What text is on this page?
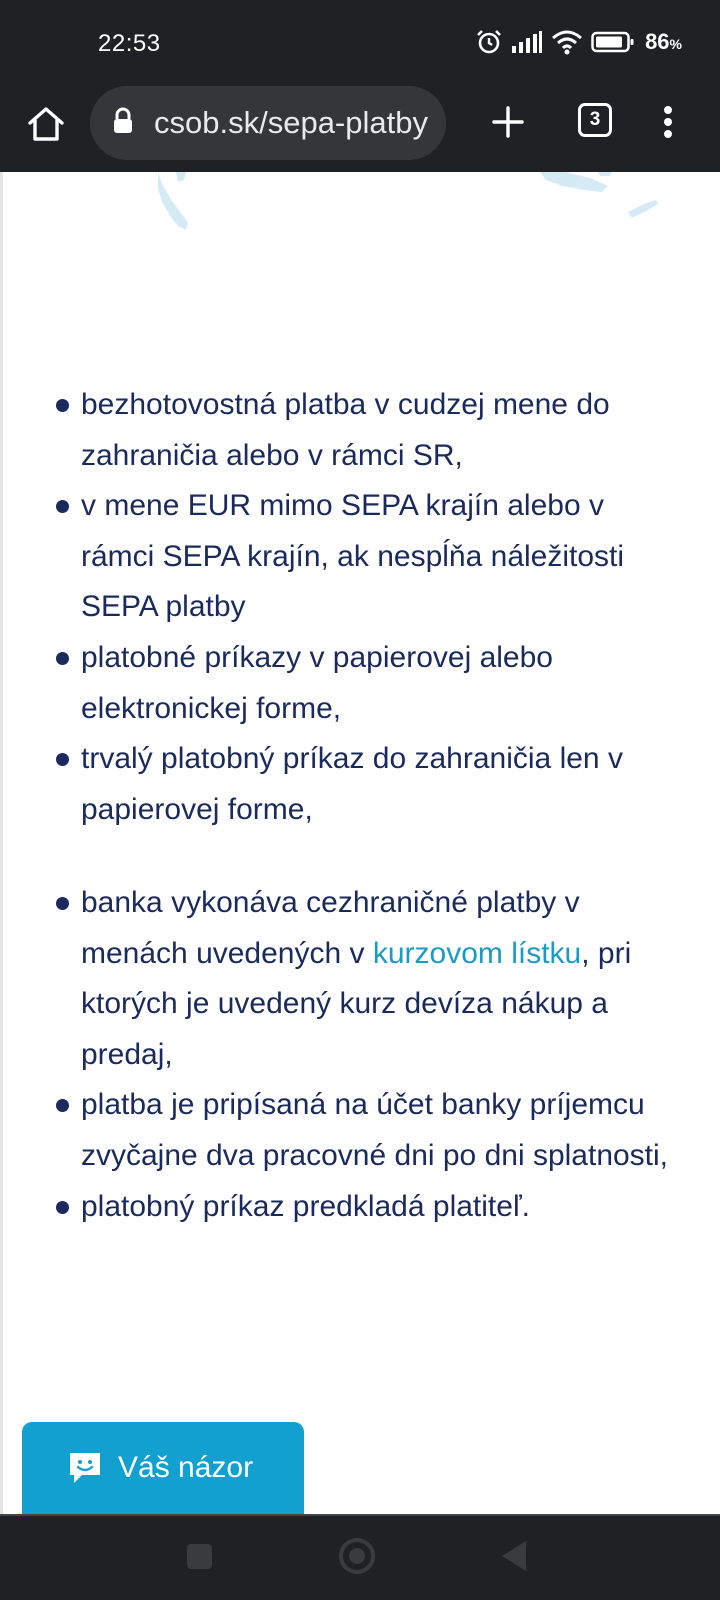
22:53	86%
csob.sk/sepa-platby	3
bezhotovostná platba v cudzej mene do zahraničia alebo v rámci SR,
v mene EUR mimo SEPA krajín alebo v rámci SEPA krajín, ak nespĺňa náležitosti SEPA platby
platobné príkazy v papierovej alebo elektronickej forme,
trvalý platobný príkaz do zahraničia len v papierovej forme,
banka vykonáva cezhraničné platby v menách uvedených v kurzovom lístku, pri ktorých je uvedený kurz devíza nákup a predaj,
platba je pripísaná na účet banky príjemcu zvyčajne dva pracovné dni po dni splatnosti,
platobný príkaz predkladá platiteľ.
Váš názor
